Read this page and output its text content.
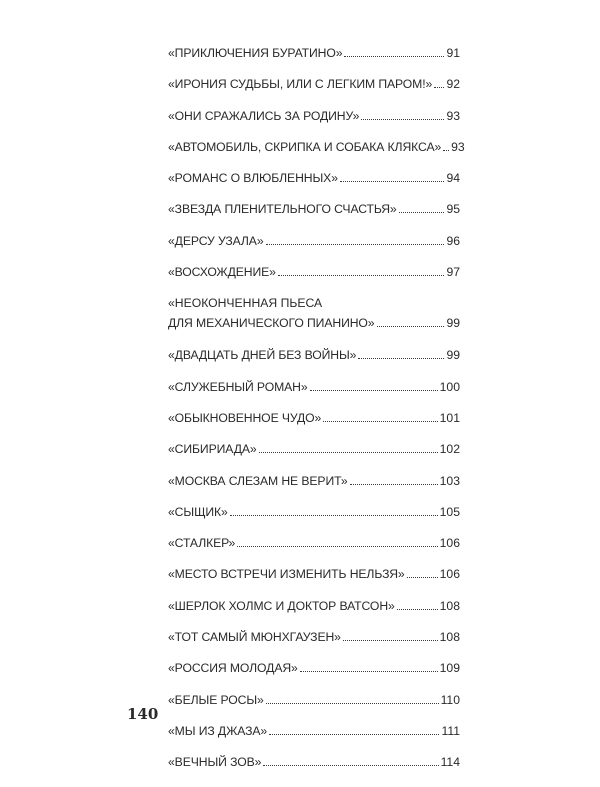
«ПРИКЛЮЧЕНИЯ БУРАТИНО»	91
«ИРОНИЯ СУДЬБЫ, ИЛИ С ЛЕГКИМ ПАРОМ!» 92
«ОНИ СРАЖАЛИСЬ ЗА РОДИНУ»	93
«АВТОМОБИЛЬ, СКРИПКА И СОБАКА КЛЯКСА» 93
«РОМАНС О ВЛЮБЛЕННЫХ»	94
«ЗВЕЗДА ПЛЕНИТЕЛЬНОГО СЧАСТЬЯ»	95
«ДЕРСУ УЗАЛА»	96
«ВОСХОЖДЕНИЕ»	97
«НЕОКОНЧЕННАЯ ПЬЕСА
ДЛЯ МЕХАНИЧЕСКОГО ПИАНИНО»	99
«ДВАДЦАТЬ ДНЕЙ БЕЗ ВОЙНЫ»	99
«СЛУЖЕБНЫЙ РОМАН»	100
«ОБЫКНОВЕННОЕ ЧУДО»	101
«СИБИРИАДА»	102
«МОСКВА СЛЕЗАМ НЕ ВЕРИТ»	103
«СЫЩИК»	105
«СТАЛКЕР»	106
«МЕСТО ВСТРЕЧИ ИЗМЕНИТЬ НЕЛЬЗЯ»	106
«ШЕРЛОК ХОЛМС И ДОКТОР ВАТСОН»	108
«ТОТ САМЫЙ МЮНХГАУЗЕН»	108
«РОССИЯ МОЛОДАЯ»	109
«БЕЛЫЕ РОСЫ»	110
«МЫ ИЗ ДЖАЗА»	111
«ВЕЧНЫЙ ЗОВ»	114
140
